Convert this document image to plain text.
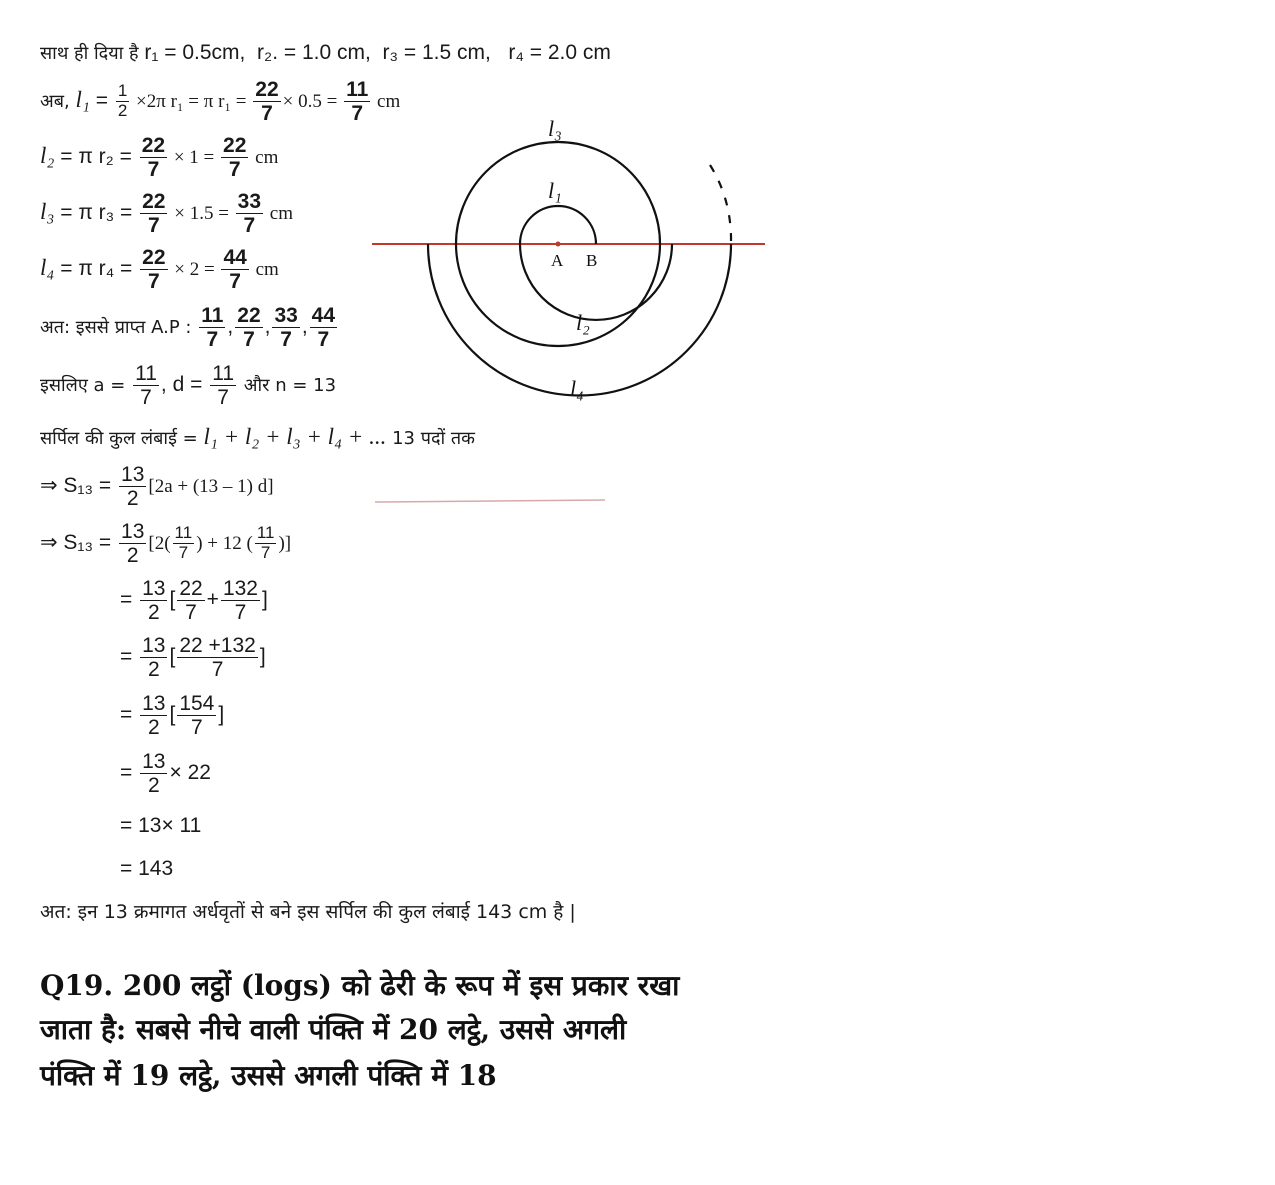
साथ ही दिया है r₁ = 0.5cm, r₂. = 1.0 cm, r₃ = 1.5 cm, r₄ = 2.0 cm
अब, $l_1 = \frac{1}{2} \times 2\pi$ r₁ = π $r_1 = \frac{22}{7} \times 0.5 = \frac{11}{7}$ cm
l₂ = π $r_2 = \frac{22}{7} \times 1 = \frac{22}{7}$ cm
l₃ = π $r_3 = \frac{22}{7} \times 1.5 = \frac{33}{7}$ cm
l₄ = π $r_4 = \frac{22}{7} \times 2 = \frac{44}{7}$ cm
अत: इससे प्राप्त A.P : $\frac{11}{7}$ , $\frac{22}{7}$ , $\frac{33}{7}$ , $\frac{44}{7}$
इसलिए $a = \frac{11}{7}$ , $d = \frac{11}{7}$ और n = 13
सर्पिल की कुल लंबाई = l₁ + l₂ + l₃ + l₄ + ... 13 पदों तक
⇒ $S_{13} = \frac{13}{2} [2a + (13 - 1)$ d]
⇒ $S_{13} = \frac{13}{2} [2( \frac{11}{7}$ ) + 12 ( $\frac{11}{7}$ )]
= $\frac{13}{2}$ [ $\frac{22}{7} + \frac{132}{7}$ ]
= $\frac{13}{2}$ [ $\frac{22 +132}{7}$ ]
= $\frac{13}{2}$ [ $\frac{154}{7}$ ]
= $\frac{13}{2} \times 22$
= 13× 11
= 143
अत: इन 13 क्रमागत अर्धवृतों से बने इस सर्पिल की कुल लंबाई 143 cm है |
l₃
l₁
A B
l₂
l₄
Q19. 200 लट्ठों (logs) को ढेरी के रूप में इस प्रकार रखा
जाता है: सबसे नीचे वाली पंक्ति में 20 लट्ठे, उससे अगली
पंक्ति में 19 लट्ठे, उससे अगली पंक्ति में 18
